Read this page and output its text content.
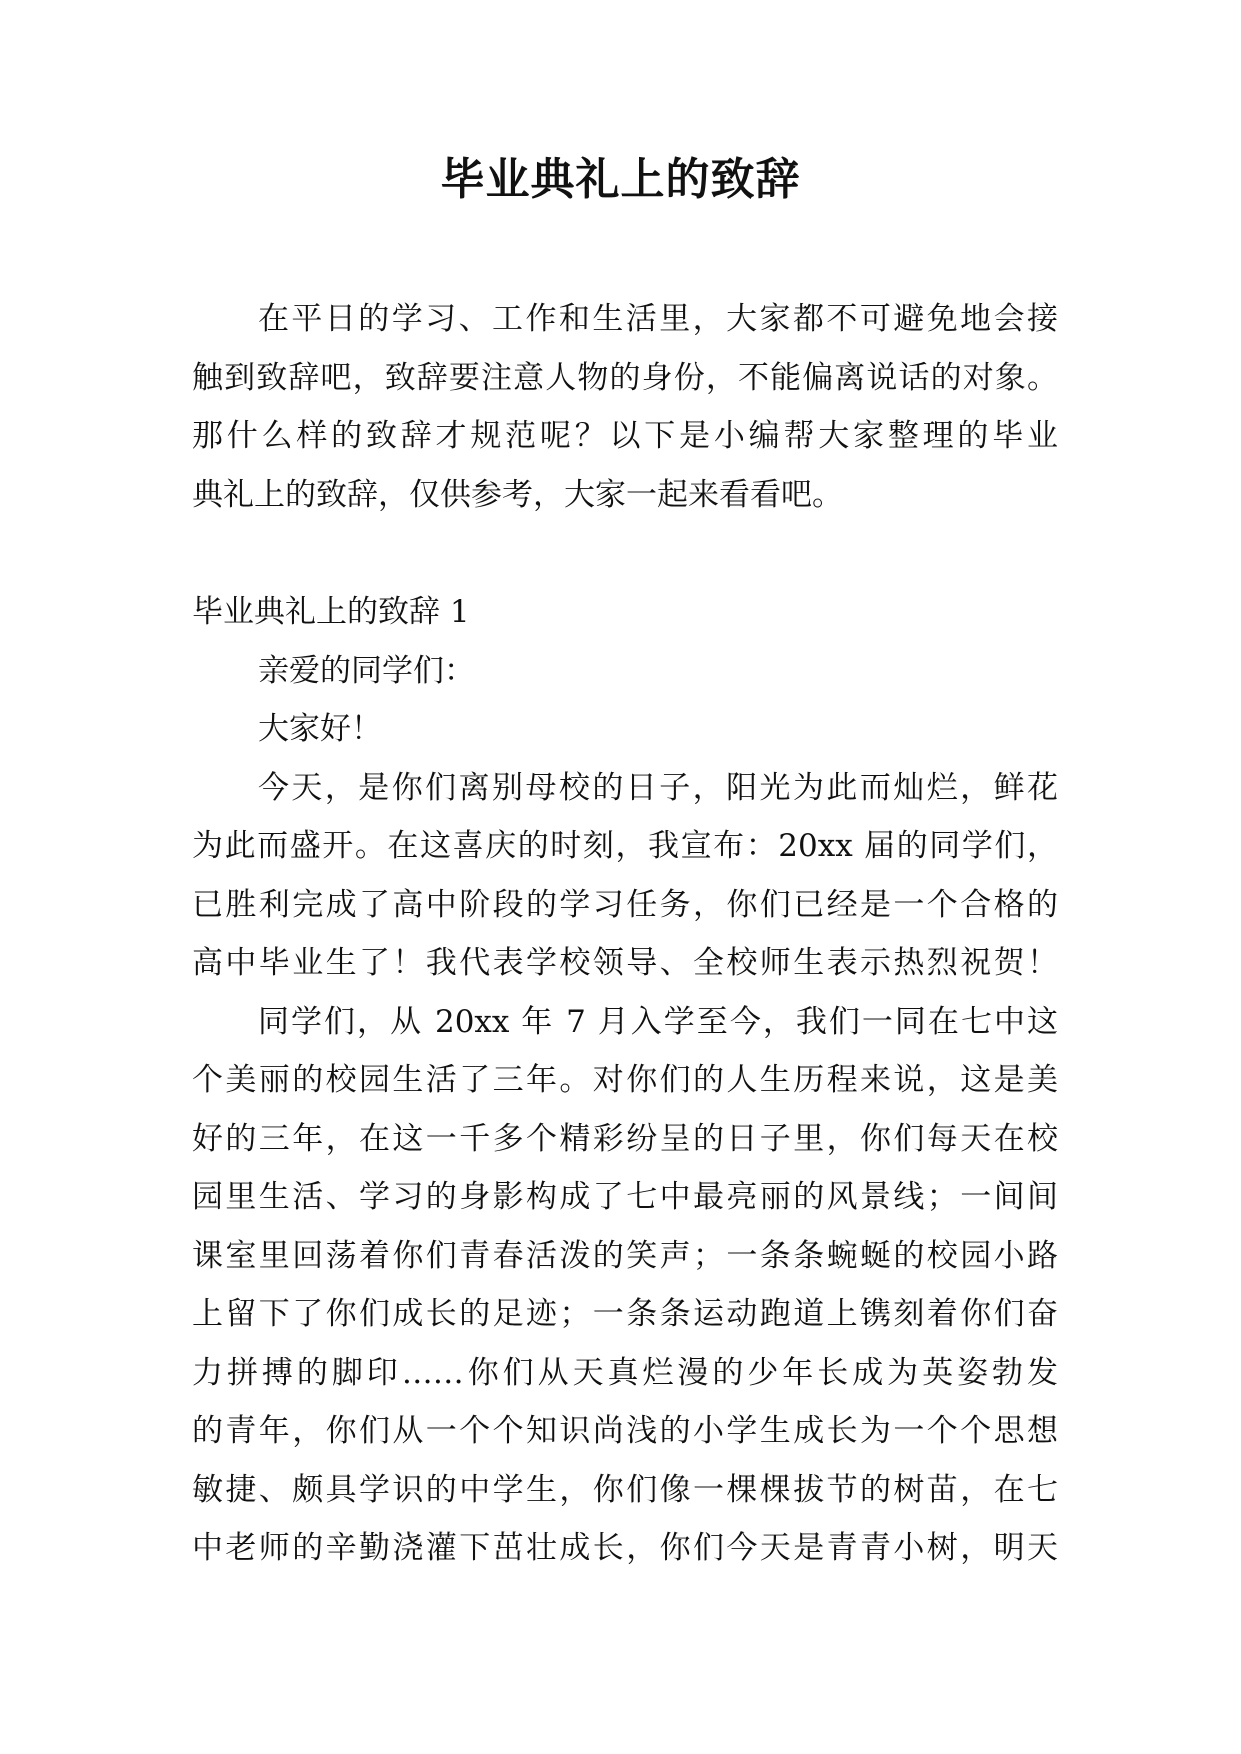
毕业典礼上的致辞
在平日的学习、工作和生活里，大家都不可避免地会接
触到致辞吧，致辞要注意人物的身份，不能偏离说话的对象。
那什么样的致辞才规范呢？以下是小编帮大家整理的毕业
典礼上的致辞，仅供参考，大家一起来看看吧。
毕业典礼上的致辞 1
亲爱的同学们：
大家好！
今天，是你们离别母校的日子，阳光为此而灿烂，鲜花
为此而盛开。在这喜庆的时刻，我宣布：20xx 届的同学们，
已胜利完成了高中阶段的学习任务，你们已经是一个合格的
高中毕业生了！我代表学校领导、全校师生表示热烈祝贺！
同学们，从 20xx 年 7 月入学至今，我们一同在七中这
个美丽的校园生活了三年。对你们的人生历程来说，这是美
好的三年，在这一千多个精彩纷呈的日子里，你们每天在校
园里生活、学习的身影构成了七中最亮丽的风景线；一间间
课室里回荡着你们青春活泼的笑声；一条条蜿蜒的校园小路
上留下了你们成长的足迹；一条条运动跑道上镌刻着你们奋
力拼搏的脚印……你们从天真烂漫的少年长成为英姿勃发
的青年，你们从一个个知识尚浅的小学生成长为一个个思想
敏捷、颇具学识的中学生，你们像一棵棵拔节的树苗，在七
中老师的辛勤浇灌下茁壮成长，你们今天是青青小树，明天
